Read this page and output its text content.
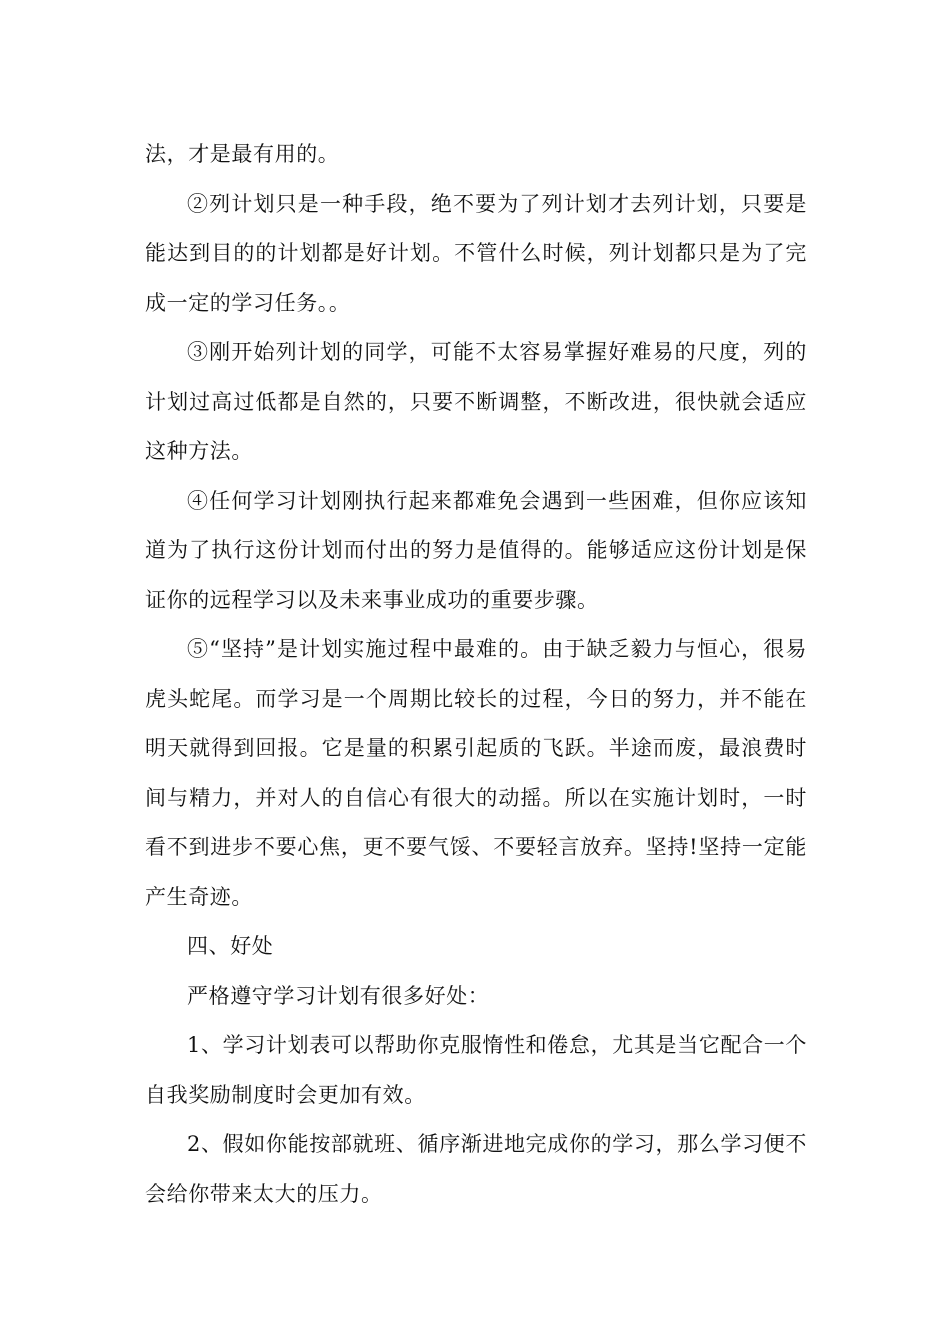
法，才是最有用的。

②列计划只是一种手段，绝不要为了列计划才去列计划，只要是能达到目的的计划都是好计划。不管什么时候，列计划都只是为了完成一定的学习任务。。

③刚开始列计划的同学，可能不太容易掌握好难易的尺度，列的计划过高过低都是自然的，只要不断调整，不断改进，很快就会适应这种方法。

④任何学习计划刚执行起来都难免会遇到一些困难，但你应该知道为了执行这份计划而付出的努力是值得的。能够适应这份计划是保证你的远程学习以及未来事业成功的重要步骤。

⑤“坚持”是计划实施过程中最难的。由于缺乏毅力与恒心，很易虎头蛇尾。而学习是一个周期比较长的过程，今日的努力，并不能在明天就得到回报。它是量的积累引起质的飞跃。半途而废，最浪费时间与精力，并对人的自信心有很大的动摇。所以在实施计划时，一时看不到进步不要心焦，更不要气馁、不要轻言放弃。坚持!坚持一定能产生奇迹。

四、好处

严格遵守学习计划有很多好处：

1、学习计划表可以帮助你克服惰性和倦怠，尤其是当它配合一个自我奖励制度时会更加有效。

2、假如你能按部就班、循序渐进地完成你的学习，那么学习便不会给你带来太大的压力。
